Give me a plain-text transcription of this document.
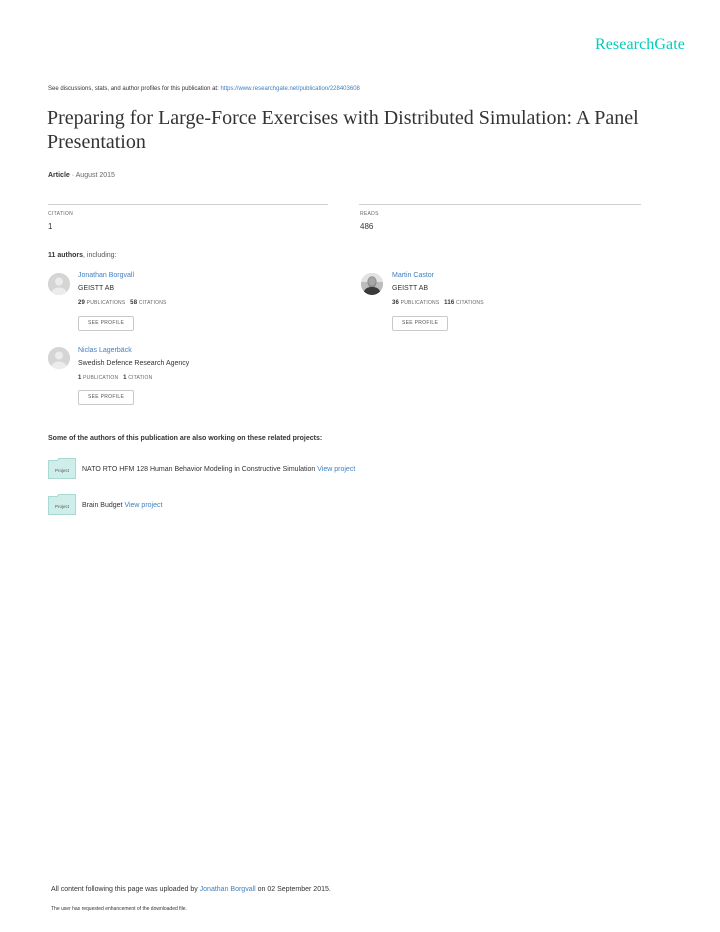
ResearchGate
See discussions, stats, and author profiles for this publication at: https://www.researchgate.net/publication/228403608
Preparing for Large-Force Exercises with Distributed Simulation: A Panel Presentation
Article · August 2015
CITATION
1
READS
486
11 authors, including:
Jonathan Borgvall
GEISTT AB
29 PUBLICATIONS 58 CITATIONS
SEE PROFILE
Martin Castor
GEISTT AB
36 PUBLICATIONS 116 CITATIONS
SEE PROFILE
Niclas Lagerbäck
Swedish Defence Research Agency
1 PUBLICATION 1 CITATION
SEE PROFILE
Some of the authors of this publication are also working on these related projects:
Project NATO RTO HFM 128 Human Behavior Modeling in Constructive Simulation View project
Project Brain Budget View project
All content following this page was uploaded by Jonathan Borgvall on 02 September 2015.
The user has requested enhancement of the downloaded file.
